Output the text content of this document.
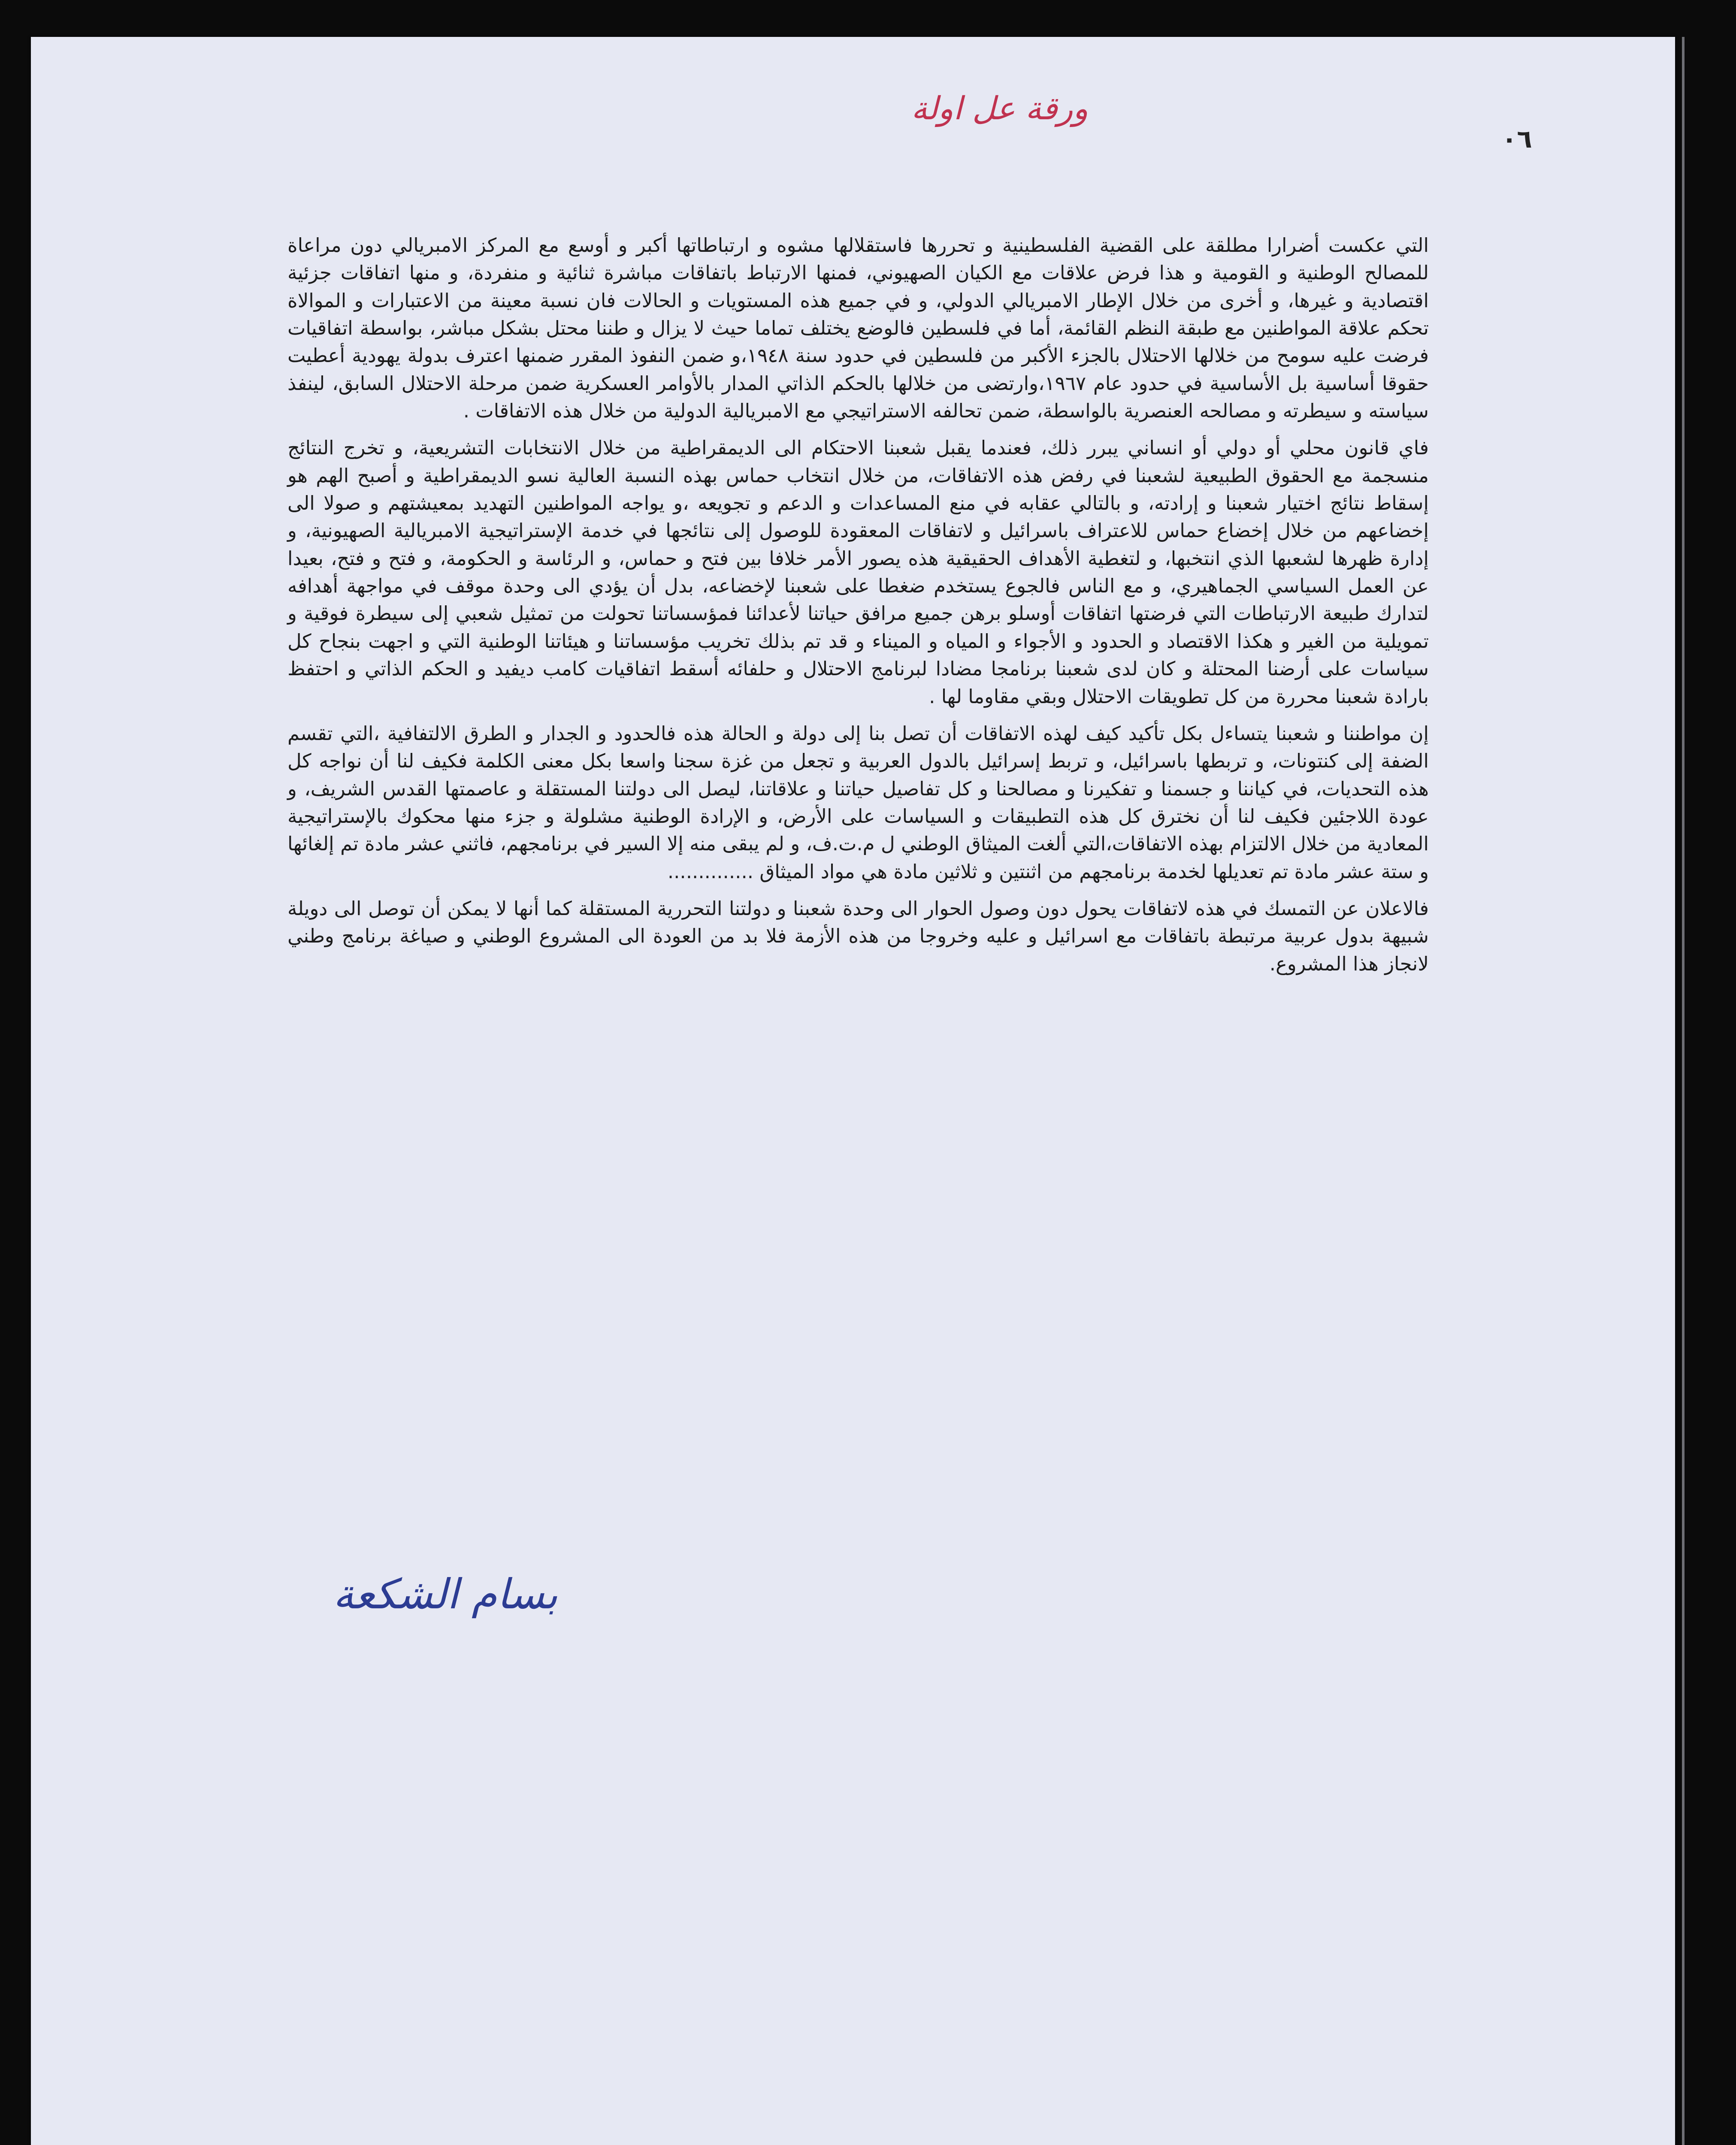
ورقة عل اولة
٠٦

التي عكست أضرارا مطلقة على القضية الفلسطينية و تحررها فاستقلالها مشوه و ارتباطاتها أكبر و أوسع مع المركز الامبريالي دون مراعاة للمصالح الوطنية و القومية و هذا فرض علاقات مع الكيان الصهيوني، فمنها الارتباط باتفاقات مباشرة ثنائية و منفردة، و منها اتفاقات جزئية اقتصادية و غيرها، و أخرى من خلال الإطار الامبريالي الدولي، و في جميع هذه المستويات و الحالات فان نسبة معينة من الاعتبارات و الموالاة تحكم علاقة المواطنين مع طبقة النظم القائمة، أما في فلسطين فالوضع يختلف تماما حيث لا يزال و طننا محتل بشكل مباشر، بواسطة اتفاقيات فرضت عليه سومح من خلالها الاحتلال بالجزء الأكبر من فلسطين في حدود سنة ١٩٤٨،و ضمن النفوذ المقرر ضمنها اعترف بدولة يهودية أعطيت حقوقا أساسية بل الأساسية في حدود عام ١٩٦٧،وارتضى من خلالها بالحكم الذاتي المدار بالأوامر العسكرية ضمن مرحلة الاحتلال السابق، لينفذ سياسته و سيطرته و مصالحه العنصرية بالواسطة، ضمن تحالفه الاستراتيجي مع الامبريالية الدولية من خلال هذه الاتفاقات .

فاي قانون محلي أو دولي أو انساني يبرر ذلك، فعندما يقبل شعبنا الاحتكام الى الديمقراطية من خلال الانتخابات التشريعية، و تخرج النتائج منسجمة مع الحقوق الطبيعية لشعبنا في رفض هذه الاتفاقات، من خلال انتخاب حماس بهذه النسبة العالية نسو الديمقراطية و أصبح الهم هو إسقاط نتائج اختيار شعبنا و إرادته، و بالتالي عقابه في منع المساعدات و الدعم و تجويعه ،و يواجه المواطنين التهديد بمعيشتهم و صولا الى إخضاعهم من خلال إخضاع حماس للاعتراف باسرائيل و لاتفاقات المعقودة للوصول إلى نتائجها في خدمة الإستراتيجية الامبريالية الصهيونية، و إدارة ظهرها لشعبها الذي انتخبها، و لتغطية الأهداف الحقيقية هذه يصور الأمر خلافا بين فتح و حماس، و الرئاسة و الحكومة، و فتح و فتح، بعيدا عن العمل السياسي الجماهيري، و مع الناس فالجوع يستخدم ضغطا على شعبنا لإخضاعه، بدل أن يؤدي الى وحدة موقف في مواجهة أهدافه لتدارك طبيعة الارتباطات التي فرضتها اتفاقات أوسلو برهن جميع مرافق حياتنا لأعدائنا فمؤسساتنا تحولت من تمثيل شعبي إلى سيطرة فوقية و تمويلية من الغير و هكذا الاقتصاد و الحدود و الأجواء و المياه و الميناء و قد تم بذلك تخريب مؤسساتنا و هيئاتنا الوطنية التي و اجهت بنجاح كل سياسات على أرضنا المحتلة و كان لدى شعبنا برنامجا مضادا لبرنامج الاحتلال و حلفائه أسقط اتفاقيات كامب ديفيد و الحكم الذاتي و احتفظ بارادة شعبنا محررة من كل تطويقات الاحتلال وبقي مقاوما لها .

إن مواطننا و شعبنا يتساءل بكل تأكيد كيف لهذه الاتفاقات أن تصل بنا إلى دولة و الحالة هذه فالحدود و الجدار و الطرق الالتفافية ،التي تقسم الضفة إلى كنتونات، و تربطها باسرائيل، و تربط إسرائيل بالدول العربية و تجعل من غزة سجنا واسعا بكل معنى الكلمة فكيف لنا أن نواجه كل هذه التحديات، في كياننا و جسمنا و تفكيرنا و مصالحنا و كل تفاصيل حياتنا و علاقاتنا، ليصل الى دولتنا المستقلة و عاصمتها القدس الشريف، و عودة اللاجئين فكيف لنا أن نخترق كل هذه التطبيقات و السياسات على الأرض، و الإرادة الوطنية مشلولة و جزء منها محكوك بالإستراتيجية المعادية من خلال الالتزام بهذه الاتفاقات،التي ألغت الميثاق الوطني ل م.ت.ف، و لم يبقى منه إلا السير في برنامجهم، فاثني عشر مادة تم إلغائها و ستة عشر مادة تم تعديلها لخدمة برنامجهم من اثنتين و ثلاثين مادة هي مواد الميثاق ..............

فالاعلان عن التمسك في هذه لاتفاقات يحول دون وصول الحوار الى وحدة شعبنا و دولتنا التحررية المستقلة كما أنها لا يمكن أن توصل الى دويلة شبيهة بدول عربية مرتبطة باتفاقات مع اسرائيل و عليه وخروجا من هذه الأزمة فلا بد من العودة الى المشروع الوطني و صياغة برنامج وطني لانجاز هذا المشروع.

بسام الشكعة
